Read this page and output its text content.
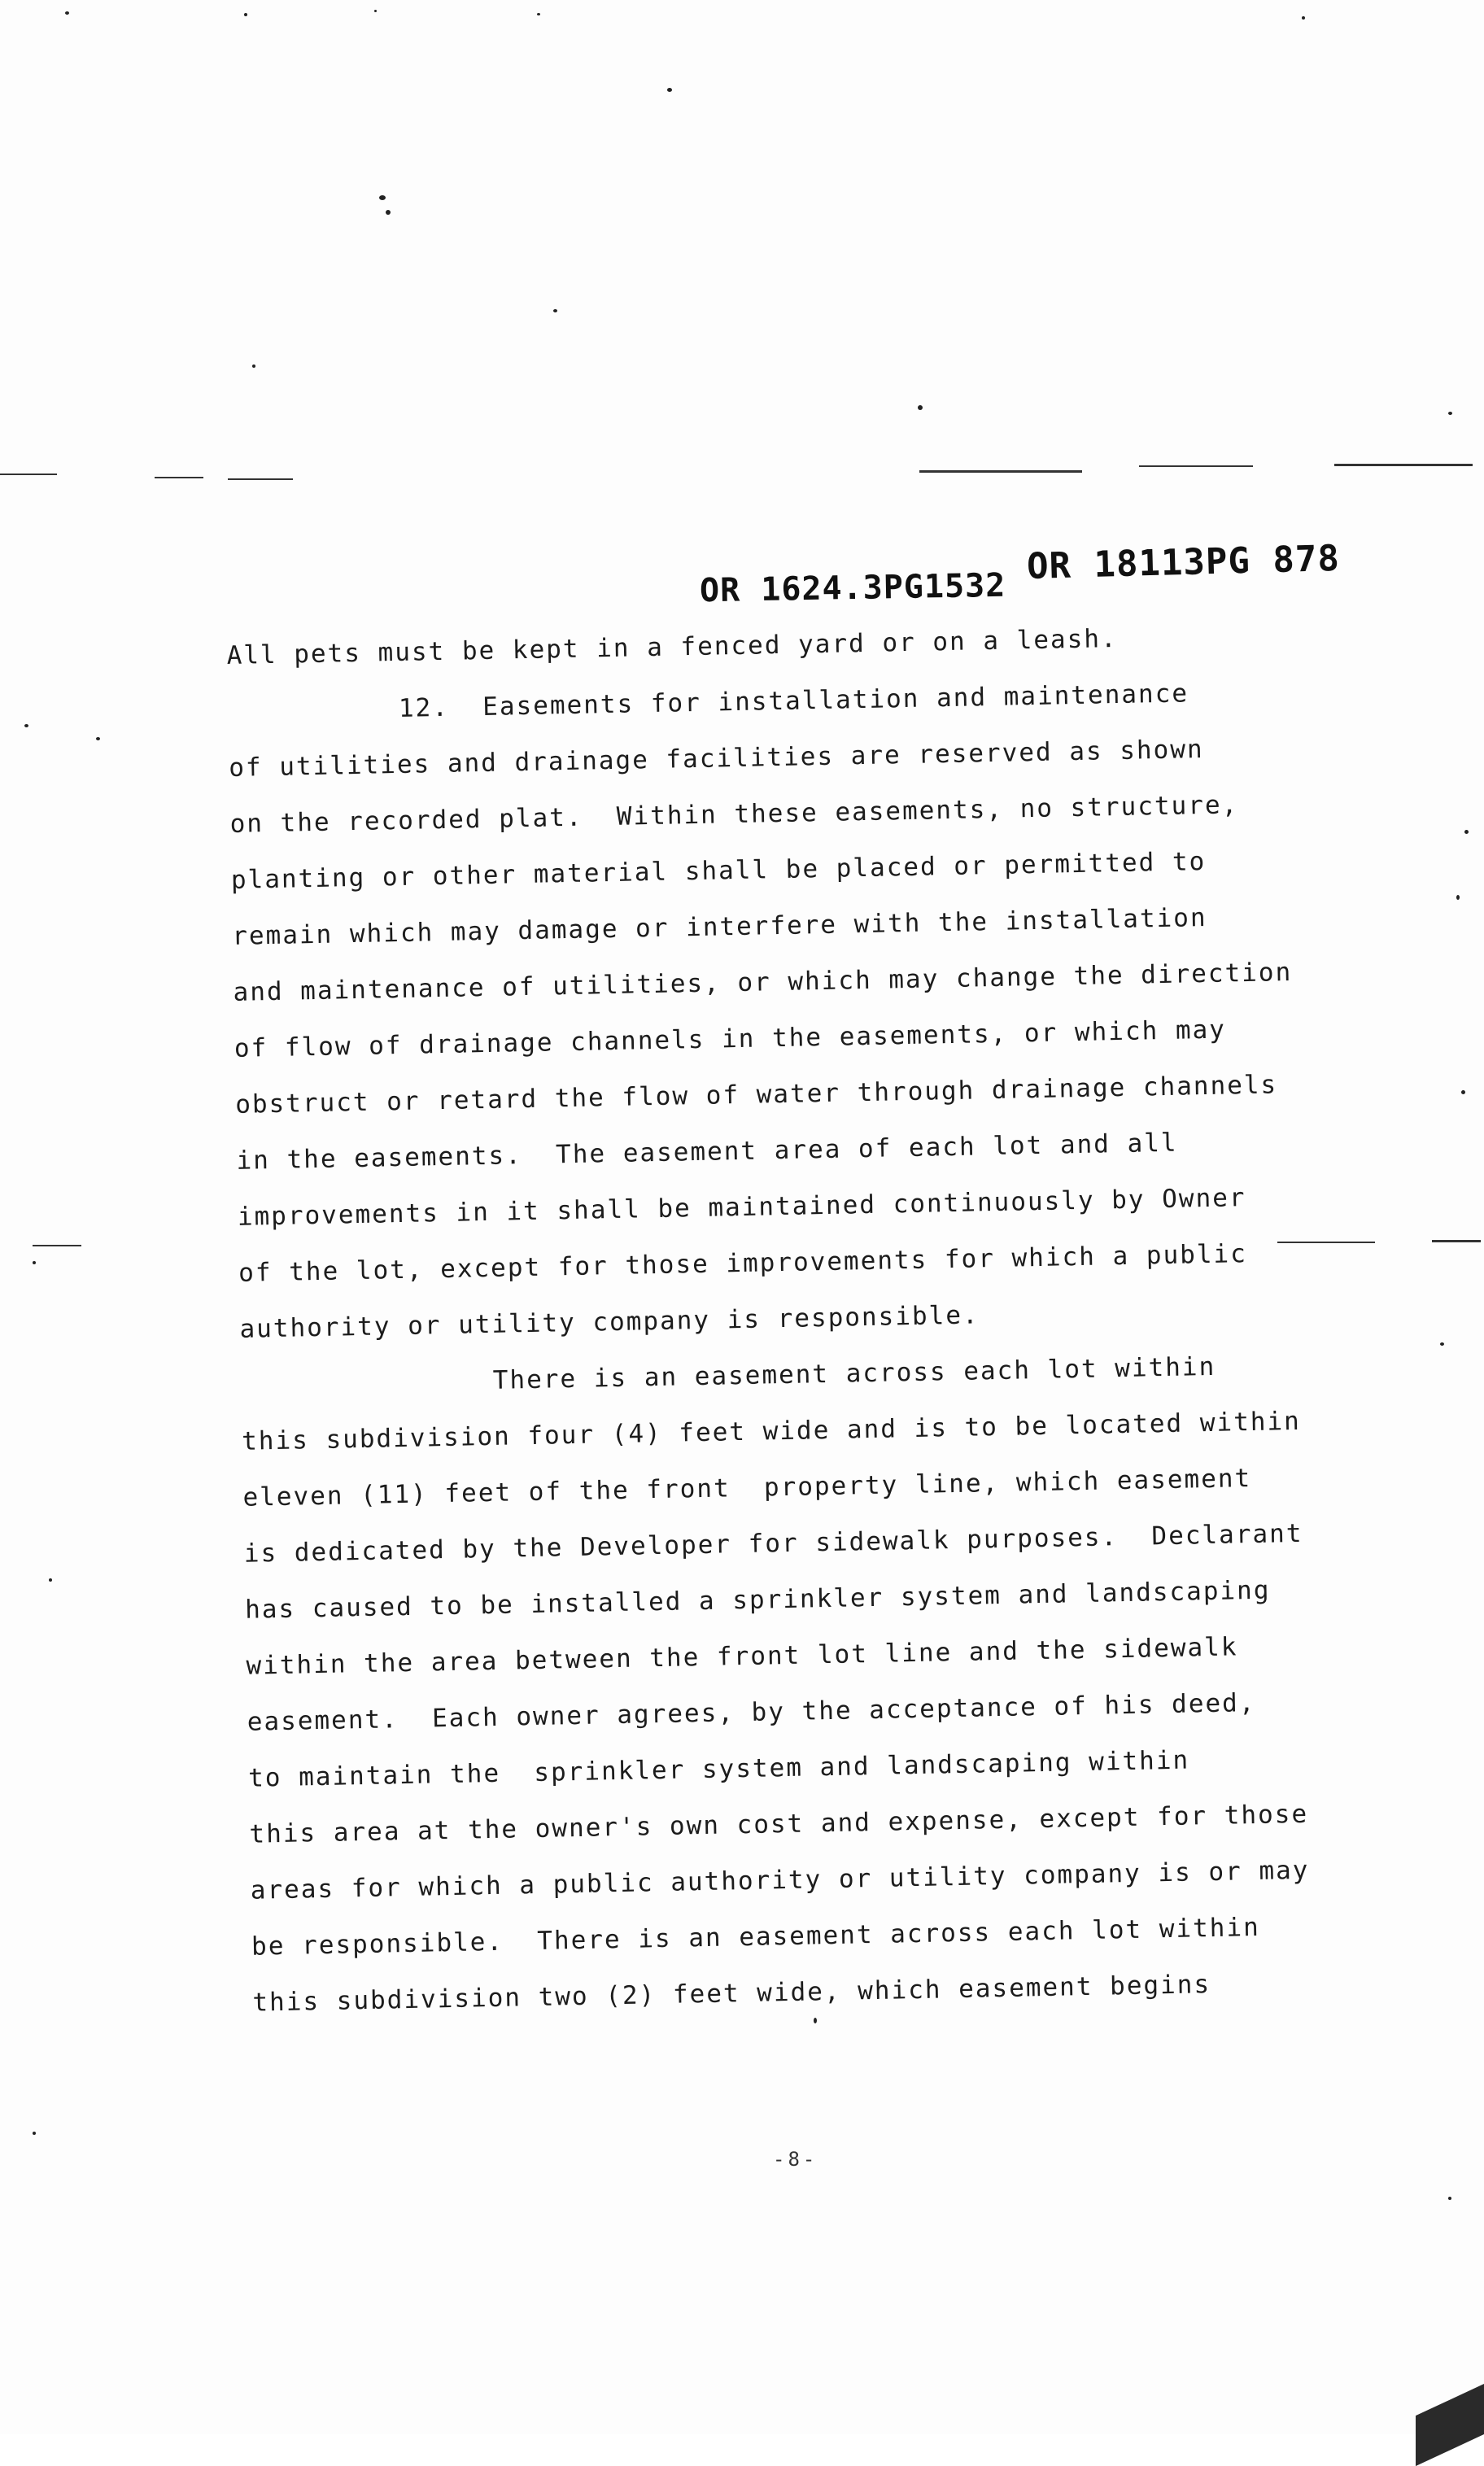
OR 1624.3PG1532
OR 18113PG 878
All pets must be kept in a fenced yard or on a leash.
12.  Easements for installation and maintenance
of utilities and drainage facilities are reserved as shown
on the recorded plat.  Within these easements, no structure,
planting or other material shall be placed or permitted to
remain which may damage or interfere with the installation
and maintenance of utilities, or which may change the direction
of flow of drainage channels in the easements, or which may
obstruct or retard the flow of water through drainage channels
in the easements.  The easement area of each lot and all
improvements in it shall be maintained continuously by Owner
of the lot, except for those improvements for which a public
authority or utility company is responsible.
There is an easement across each lot within
this subdivision four (4) feet wide and is to be located within
eleven (11) feet of the front  property line, which easement
is dedicated by the Developer for sidewalk purposes.  Declarant
has caused to be installed a sprinkler system and landscaping
within the area between the front lot line and the sidewalk
easement.  Each owner agrees, by the acceptance of his deed,
to maintain the  sprinkler system and landscaping within
this area at the owner's own cost and expense, except for those
areas for which a public authority or utility company is or may
be responsible.  There is an easement across each lot within
this subdivision two (2) feet wide, which easement begins
-8-
